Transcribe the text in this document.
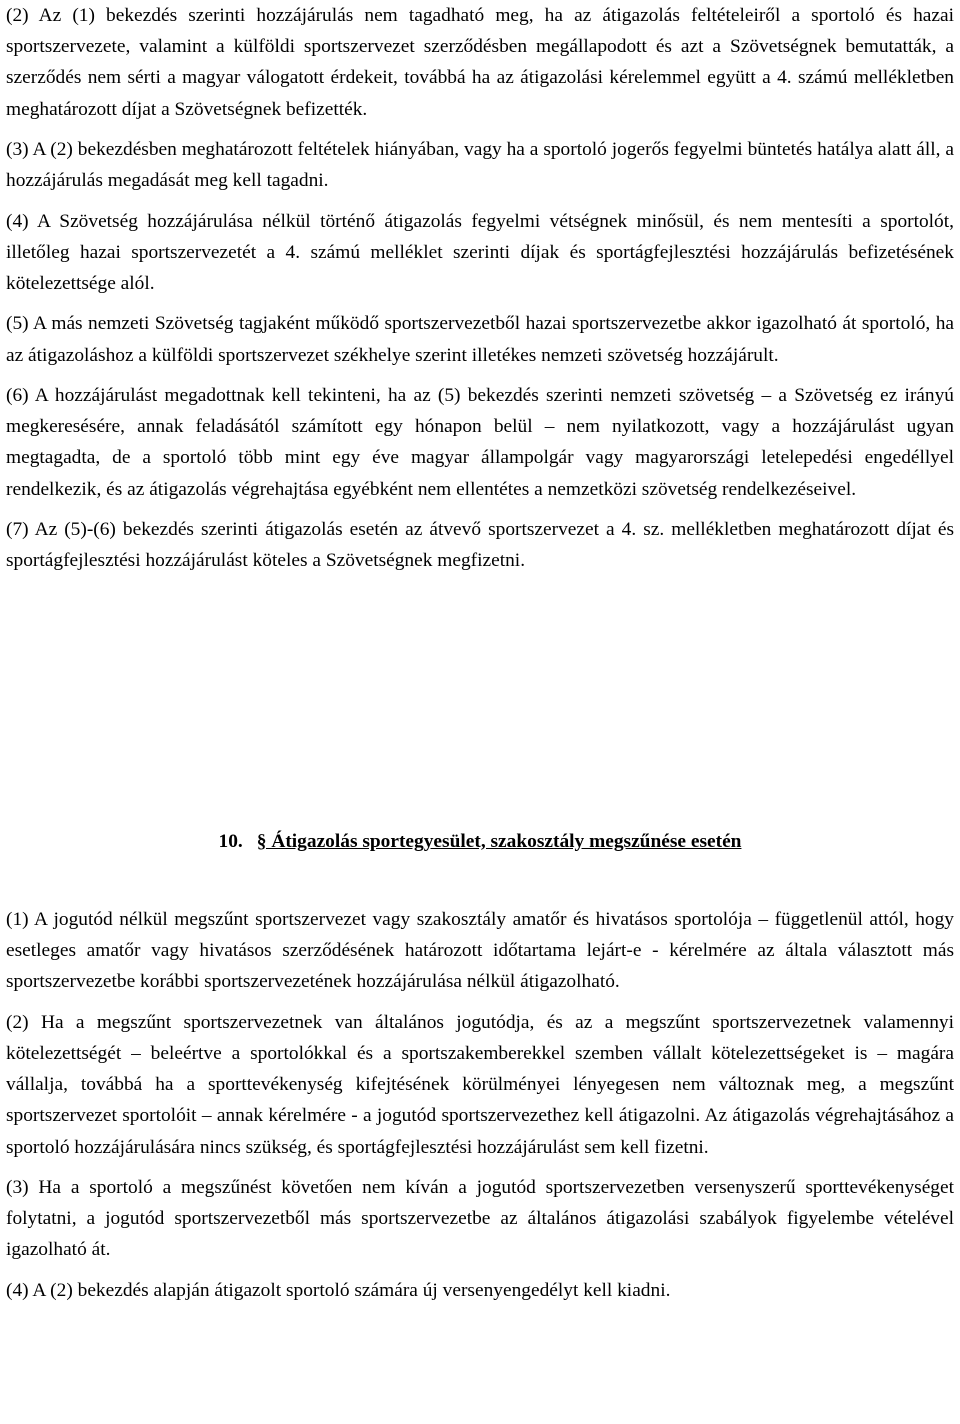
(2) Az (1) bekezdés szerinti hozzájárulás nem tagadható meg, ha az átigazolás feltételeiről a sportoló és hazai sportszervezete, valamint a külföldi sportszervezet szerződésben megállapodott és azt a Szövetségnek bemutatták, a szerződés nem sérti a magyar válogatott érdekeit, továbbá ha az átigazolási kérelemmel együtt a 4. számú mellékletben meghatározott díjat a Szövetségnek befizették.

(3) A (2) bekezdésben meghatározott feltételek hiányában, vagy ha a sportoló jogerős fegyelmi büntetés hatálya alatt áll, a hozzájárulás megadását meg kell tagadni.

(4) A Szövetség hozzájárulása nélkül történő átigazolás fegyelmi vétségnek minősül, és nem mentesíti a sportolót, illetőleg hazai sportszervezetét a 4. számú melléklet szerinti díjak és sportágfejlesztési hozzájárulás befizetésének kötelezettsége alól.

(5) A más nemzeti Szövetség tagjaként működő sportszervezetből hazai sportszervezetbe akkor igazolható át sportoló, ha az átigazoláshoz a külföldi sportszervezet székhelye szerint illetékes nemzeti szövetség hozzájárult.

(6) A hozzájárulást megadottnak kell tekinteni, ha az (5) bekezdés szerinti nemzeti szövetség – a Szövetség ez irányú megkeresésére, annak feladásától számított egy hónapon belül – nem nyilatkozott, vagy a hozzájárulást ugyan megtagadta, de a sportoló több mint egy éve magyar állampolgár vagy magyarországi letelepedési engedéllyel rendelkezik, és az átigazolás végrehajtása egyébként nem ellentétes a nemzetközi szövetség rendelkezéseivel.

(7) Az (5)-(6) bekezdés szerinti átigazolás esetén az átvevő sportszervezet a 4. sz. mellékletben meghatározott díjat és sportágfejlesztési hozzájárulást köteles a Szövetségnek megfizetni.

10. § Átigazolás sportegyesület, szakosztály megszűnése esetén

(1) A jogutód nélkül megszűnt sportszervezet vagy szakosztály amatőr és hivatásos sportolója – függetlenül attól, hogy esetleges amatőr vagy hivatásos szerződésének határozott időtartama lejárt-e - kérelmére az általa választott más sportszervezetbe korábbi sportszervezetének hozzájárulása nélkül átigazolható.

(2) Ha a megszűnt sportszervezetnek van általános jogutódja, és az a megszűnt sportszervezetnek valamennyi kötelezettségét – beleértve a sportolókkal és a sportszakemberekkel szemben vállalt kötelezettségeket is – magára vállalja, továbbá ha a sporttevékenység kifejtésének körülményei lényegesen nem változnak meg, a megszűnt sportszervezet sportolóit – annak kérelmére - a jogutód sportszervezethez kell átigazolni. Az átigazolás végrehajtásához a sportoló hozzájárulására nincs szükség, és sportágfejlesztési hozzájárulást sem kell fizetni.

(3) Ha a sportoló a megszűnést követően nem kíván a jogutód sportszervezetben versenyszerű sporttevékenységet folytatni, a jogutód sportszervezetből más sportszervezetbe az általános átigazolási szabályok figyelembe vételével igazolható át.

(4) A (2) bekezdés alapján átigazolt sportoló számára új versenyengedélyt kell kiadni.
